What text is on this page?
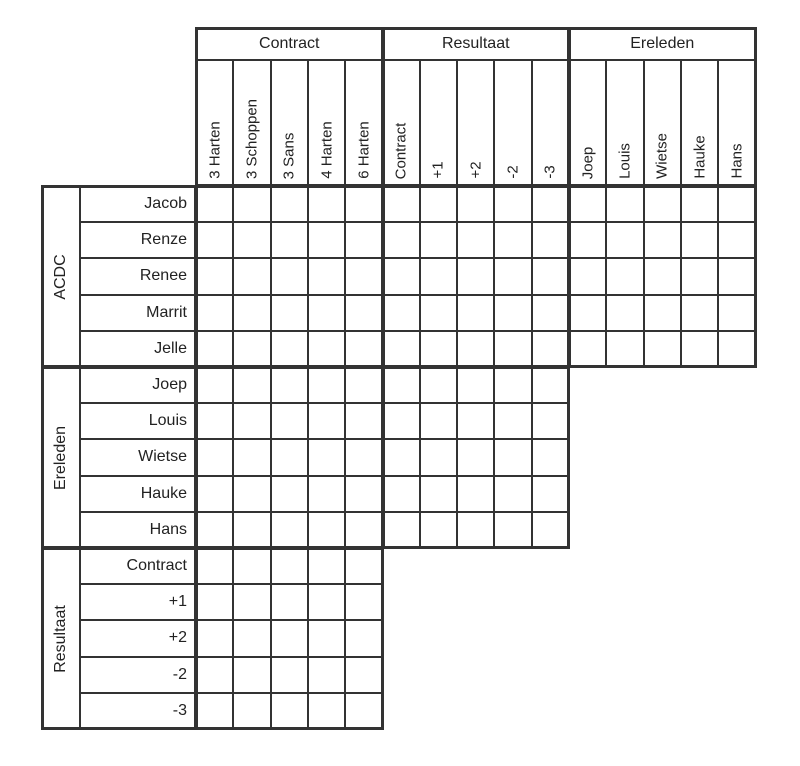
Contract
3 Harten 3 Schoppen 3 Sans 4 Harten 6 Harten
Resultaat
Contract +1 +2 -2 -3
Ereleden
Joep Louis Wietse Hauke Hans
ACDC
Jacob
Renze
Renee
Marrit
Jelle
Ereleden
Joep
Louis
Wietse
Hauke
Hans
Resultaat
Contract
+1
+2
-2
-3
